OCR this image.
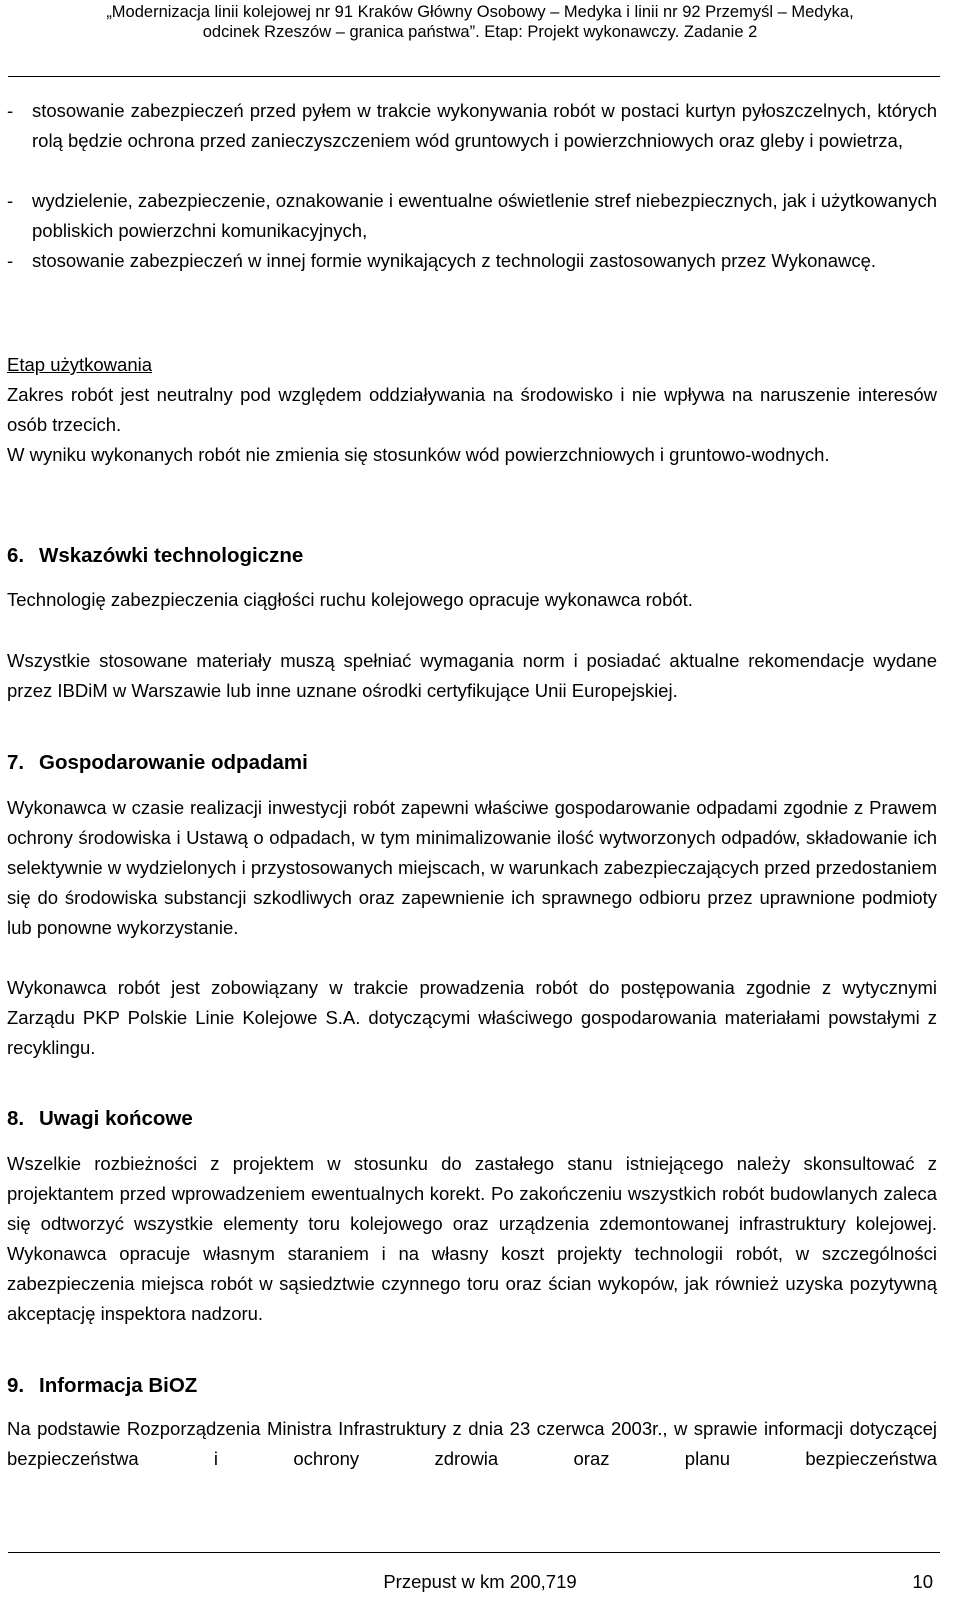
„Modernizacja linii kolejowej nr 91 Kraków Główny Osobowy – Medyka i linii nr 92 Przemyśl – Medyka,
odcinek Rzeszów – granica państwa”. Etap: Projekt wykonawczy. Zadanie 2
-	stosowanie zabezpieczeń przed pyłem w trakcie wykonywania robót w postaci kurtyn pyłoszczelnych, których rolą będzie ochrona przed zanieczyszczeniem wód gruntowych i powierzchniowych oraz gleby i powietrza,
-	wydzielenie, zabezpieczenie, oznakowanie i ewentualne oświetlenie stref niebezpiecznych, jak i użytkowanych pobliskich powierzchni komunikacyjnych,
-	stosowanie zabezpieczeń w innej formie wynikających z technologii zastosowanych przez Wykonawcę.
Etap użytkowania

Zakres robót jest neutralny pod względem oddziaływania na środowisko i nie wpływa na naruszenie interesów osób trzecich.

W wyniku wykonanych robót nie zmienia się stosunków wód powierzchniowych i gruntowo-wodnych.

6. Wskazówki technologiczne

Technologię zabezpieczenia ciągłości ruchu kolejowego opracuje wykonawca robót.

Wszystkie stosowane materiały muszą spełniać wymagania norm i posiadać aktualne rekomendacje wydane przez IBDiM w Warszawie lub inne uznane ośrodki certyfikujące Unii Europejskiej.

7. Gospodarowanie odpadami

Wykonawca w czasie realizacji inwestycji robót zapewni właściwe gospodarowanie odpadami zgodnie z Prawem ochrony środowiska i Ustawą o odpadach, w tym minimalizowanie ilość wytworzonych odpadów, składowanie ich selektywnie w wydzielonych i przystosowanych miejscach, w warunkach zabezpieczających przed przedostaniem się do środowiska substancji szkodliwych oraz zapewnienie ich sprawnego odbioru przez uprawnione podmioty lub ponowne wykorzystanie.

Wykonawca robót jest zobowiązany w trakcie prowadzenia robót do postępowania zgodnie z wytycznymi Zarządu PKP Polskie Linie Kolejowe S.A. dotyczącymi właściwego gospodarowania materiałami powstałymi z recyklingu.

8. Uwagi końcowe

Wszelkie rozbieżności z projektem w stosunku do zastałego stanu istniejącego należy skonsultować z projektantem przed wprowadzeniem ewentualnych korekt. Po zakończeniu wszystkich robót budowlanych zaleca się odtworzyć wszystkie elementy toru kolejowego oraz urządzenia zdemontowanej infrastruktury kolejowej. Wykonawca opracuje własnym staraniem i na własny koszt projekty technologii robót, w szczególności zabezpieczenia miejsca robót w sąsiedztwie czynnego toru oraz ścian wykopów, jak również uzyska pozytywną akceptację inspektora nadzoru.

9. Informacja BiOZ

Na podstawie Rozporządzenia Ministra Infrastruktury z dnia 23 czerwca 2003r., w sprawie informacji dotyczącej bezpieczeństwa i ochrony zdrowia oraz planu bezpieczeństwa

Przepust w km 200,719	10
